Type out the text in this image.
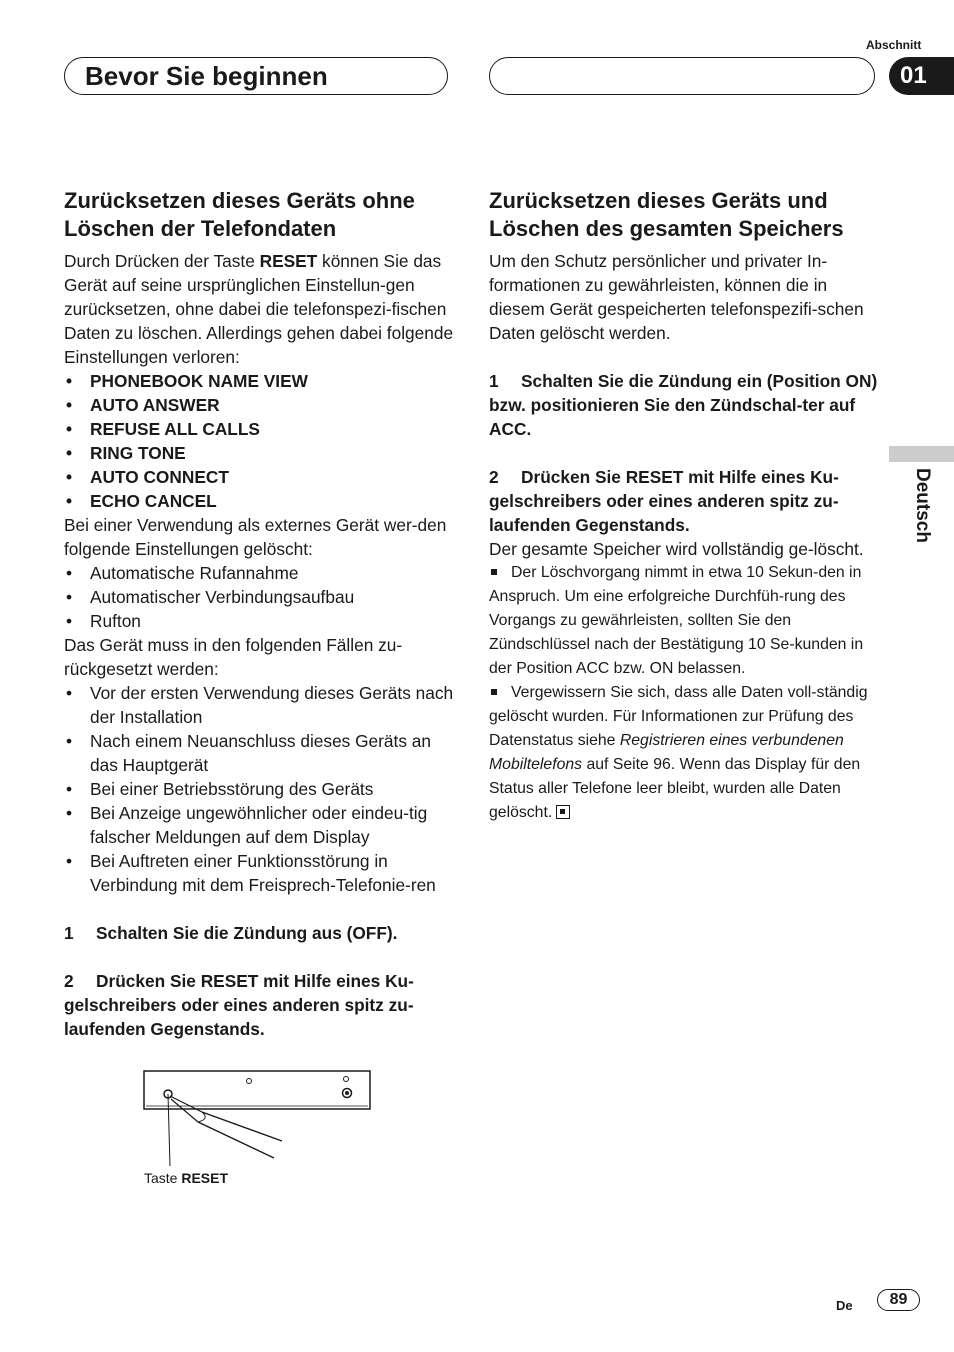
Abschnitt
Bevor Sie beginnen	01
Deutsch
Zurücksetzen dieses Geräts ohne Löschen der Telefondaten

Durch Drücken der Taste RESET können Sie das Gerät auf seine ursprünglichen Einstellun-gen zurücksetzen, ohne dabei die telefonspezi-fischen Daten zu löschen. Allerdings gehen dabei folgende Einstellungen verloren:

• PHONEBOOK NAME VIEW
• AUTO ANSWER
• REFUSE ALL CALLS
• RING TONE
• AUTO CONNECT
• ECHO CANCEL

Bei einer Verwendung als externes Gerät wer-den folgende Einstellungen gelöscht:

• Automatische Rufannahme
• Automatischer Verbindungsaufbau
• Rufton

Das Gerät muss in den folgenden Fällen zu-rückgesetzt werden:

• Vor der ersten Verwendung dieses Geräts nach der Installation
• Nach einem Neuanschluss dieses Geräts an das Hauptgerät
• Bei einer Betriebsstörung des Geräts
• Bei Anzeige ungewöhnlicher oder eindeu-tig falscher Meldungen auf dem Display
• Bei Auftreten einer Funktionsstörung in Verbindung mit dem Freisprech-Telefonie-ren

1 Schalten Sie die Zündung aus (OFF).

2 Drücken Sie RESET mit Hilfe eines Ku-gelschreibers oder eines anderen spitz zu-laufenden Gegenstands.

Taste RESET
Zurücksetzen dieses Geräts und Löschen des gesamten Speichers

Um den Schutz persönlicher und privater In-formationen zu gewährleisten, können die in diesem Gerät gespeicherten telefonspezifi-schen Daten gelöscht werden.

1 Schalten Sie die Zündung ein (Position ON) bzw. positionieren Sie den Zündschal-ter auf ACC.

2 Drücken Sie RESET mit Hilfe eines Ku-gelschreibers oder eines anderen spitz zu-laufenden Gegenstands.

Der gesamte Speicher wird vollständig ge-löscht.

Der Löschvorgang nimmt in etwa 10 Sekun-den in Anspruch. Um eine erfolgreiche Durchfüh-rung des Vorgangs zu gewährleisten, sollten Sie den Zündschlüssel nach der Bestätigung 10 Se-kunden in der Position ACC bzw. ON belassen.

Vergewissern Sie sich, dass alle Daten voll-ständig gelöscht wurden. Für Informationen zur Prüfung des Datenstatus siehe Registrieren eines verbundenen Mobiltelefons auf Seite 96. Wenn das Display für den Status aller Telefone leer bleibt, wurden alle Daten gelöscht.

De	89
